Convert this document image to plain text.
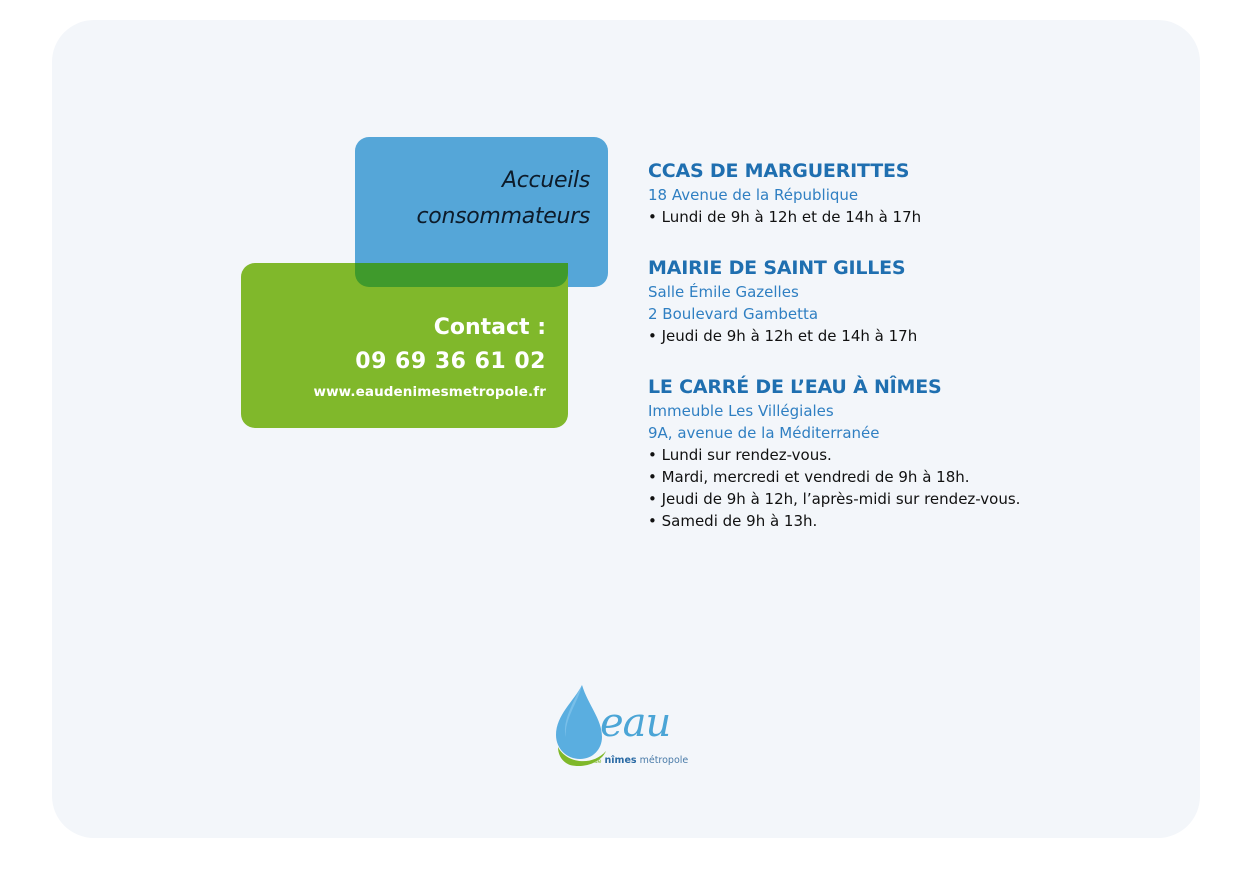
Accueils
consommateurs
Contact :
09 69 36 61 02
www.eaudenimesmetropole.fr
CCAS DE MARGUERITTES
18 Avenue de la République
• Lundi de 9h à 12h et de 14h à 17h
MAIRIE DE SAINT GILLES
Salle Émile Gazelles
2 Boulevard Gambetta
• Jeudi de 9h à 12h et de 14h à 17h
LE CARRÉ DE L’EAU À NÎMES
Immeuble Les Villégiales
9A, avenue de la Méditerranée
• Lundi sur rendez-vous.
• Mardi, mercredi et vendredi de 9h à 18h.
• Jeudi de 9h à 12h, l’après-midi sur rendez-vous.
• Samedi de 9h à 13h.
eau
de nîmes métropole
